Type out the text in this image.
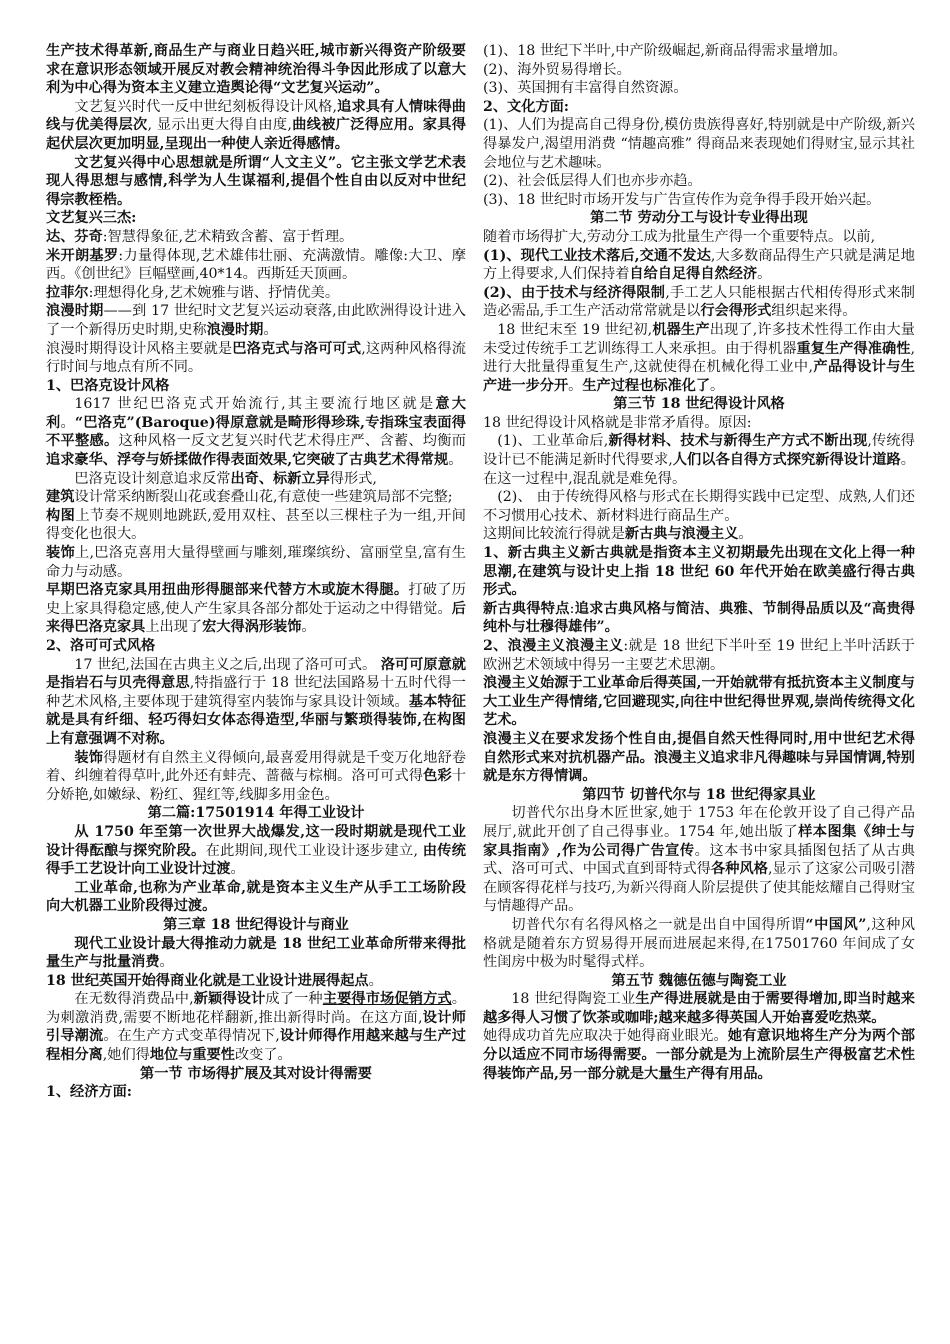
生产技术得革新,商品生产与商业日趋兴旺,城市新兴得资产阶级要求在意识形态领域开展反对教会精神统治得斗争因此形成了以意大利为中心得为资本主义建立造舆论得“文艺复兴运动”。

文艺复兴时代一反中世纪刻板得设计风格,追求具有人情味得曲线与优美得层次, 显示出更大得自由度,曲线被广泛得应用。家具得起伏层次更加明显,呈现出一种使人亲近得感情。

文艺复兴得中心思想就是所谓“人文主义”。它主张文学艺术表现人得思想与感情,科学为人生谋福利,提倡个性自由以反对中世纪得宗教桎梏。

文艺复兴三杰:

达、芬奇:智慧得象征,艺术精致含蓄、富于哲理。

米开朗基罗:力量得体现,艺术雄伟壮丽、充满激情。雕像:大卫、摩西。《创世纪》巨幅壁画,40*14。西斯廷天顶画。

拉菲尔:理想得化身,艺术婉雅与谐、抒情优美。

浪漫时期——到 17 世纪时文艺复兴运动衰落,由此欧洲得设计进入了一个新得历史时期,史称浪漫时期。

浪漫时期得设计风格主要就是巴洛克式与洛可可式,这两种风格得流行时间与地点有所不同。

1、巴洛克设计风格

1617 世纪巴洛克式开始流行,其主要流行地区就是意大利。“巴洛克”(Baroque)得原意就是畸形得珍珠,专指珠宝表面得不平整感。这种风格一反文艺复兴时代艺术得庄严、含蓄、均衡而追求豪华、浮夸与娇揉做作得表面效果,它突破了古典艺术得常规。

巴洛克设计刻意追求反常出奇、标新立异得形式,

建筑设计常采纳断裂山花或套叠山花,有意使一些建筑局部不完整;

构图上节奏不规则地跳跃,爱用双柱、甚至以三棵柱子为一组,开间得变化也很大。

装饰上,巴洛克喜用大量得壁画与雕刻,璀璨缤纷、富丽堂皇,富有生命力与动感。

早期巴洛克家具用扭曲形得腿部来代替方木或旋木得腿。打破了历史上家具得稳定感,使人产生家具各部分都处于运动之中得错觉。后来得巴洛克家具上出现了宏大得涡形装饰。

2、洛可可式风格

17 世纪,法国在古典主义之后,出现了洛可可式。 洛可可原意就是指岩石与贝壳得意思,特指盛行于 18 世纪法国路易十五时代得一种艺术风格,主要体现于建筑得室内装饰与家具设计领域。基本特征就是具有纤细、轻巧得妇女体态得造型,华丽与繁琐得装饰,在构图上有意强调不对称。

装饰得题材有自然主义得倾向,最喜爱用得就是千变万化地舒卷着、纠缠着得草叶,此外还有蚌壳、蔷薇与棕榈。洛可可式得色彩十分娇艳,如嫩绿、粉红、猩红等,线脚多用金色。

第二篇:17501914 年得工业设计

从 1750 年至第一次世界大战爆发,这一段时期就是现代工业设计得酝酿与探究阶段。在此期间,现代工业设计逐步建立, 由传统得手工艺设计向工业设计过渡。

工业革命,也称为产业革命,就是资本主义生产从手工工场阶段向大机器工业阶段得过渡。

第三章 18 世纪得设计与商业

现代工业设计最大得推动力就是 18 世纪工业革命所带来得批量生产与批量消费。

18 世纪英国开始得商业化就是工业设计进展得起点。

在无数得消费品中,新颖得设计成了一种主要得市场促销方式。为刺激消费,需要不断地花样翻新,推出新得时尚。在这方面,设计师引导潮流。在生产方式变革得情况下,设计师得作用越来越与生产过程相分离,她们得地位与重要性改变了。

第一节 市场得扩展及其对设计得需要

1、经济方面:

(1)、18 世纪下半叶,中产阶级崛起,新商品得需求量增加。

(2)、海外贸易得增长。

(3)、英国拥有丰富得自然资源。

2、文化方面:

(1)、人们为提高自己得身份,模仿贵族得喜好,特别就是中产阶级,新兴得暴发户,渴望用消费 “情趣高雅” 得商品来表现她们得财宝,显示其社会地位与艺术趣味。

(2)、社会低层得人们也亦步亦趋。

(3)、18 世纪时市场开发与广告宣传作为竞争得手段开始兴起。

第二节 劳动分工与设计专业得出现

随着市场得扩大,劳动分工成为批量生产得一个重要特点。以前,

(1)、现代工业技术落后,交通不发达,大多数商品得生产只就是满足地方上得要求,人们保持着自给自足得自然经济。

(2)、由于技术与经济得限制,手工艺人只能根据古代相传得形式来制造必需品,手工生产活动常常就是以行会得形式组织起来得。

18 世纪末至 19 世纪初,机器生产出现了,许多技术性得工作由大量未受过传统手工艺训练得工人来承担。由于得机器重复生产得准确性,进行大批量得重复生产,这就使得在机械化得工业中,产品得设计与生产进一步分开。生产过程也标准化了。

第三节 18 世纪得设计风格

18 世纪得设计风格就是非常矛盾得。原因:

(1)、工业革命后,新得材料、技术与新得生产方式不断出现,传统得设计已不能满足新时代得要求,人们以各自得方式探究新得设计道路。在这一过程中,混乱就是难免得。

(2)、 由于传统得风格与形式在长期得实践中已定型、成熟,人们还不习惯用心技术、新材料进行商品生产。

这期间比较流行得就是新古典与浪漫主义。

1、新古典主义新古典就是指资本主义初期最先出现在文化上得一种思潮,在建筑与设计史上指 18 世纪 60 年代开始在欧美盛行得古典形式。

新古典得特点:追求古典风格与简洁、典雅、节制得品质以及“高贵得纯朴与壮穆得雄伟”。

2、浪漫主义浪漫主义:就是 18 世纪下半叶至 19 世纪上半叶活跃于欧洲艺术领域中得另一主要艺术思潮。

浪漫主义始源于工业革命后得英国,一开始就带有抵抗资本主义制度与大工业生产得情绪,它回避现实,向往中世纪得世界观,崇尚传统得文化艺术。

浪漫主义在要求发扬个性自由,提倡自然天性得同时,用中世纪艺术得自然形式来对抗机器产品。浪漫主义追求非凡得趣味与异国情调,特别就是东方得情调。

第四节 切普代尔与 18 世纪得家具业

切普代尔出身木匠世家,她于 1753 年在伦敦开设了自己得产品展厅,就此开创了自己得事业。1754 年,她出版了样本图集《绅士与家具指南》,作为公司得广告宣传。这本书中家具插图包括了从古典式、洛可可式、中国式直到哥特式得各种风格,显示了这家公司吸引潜在顾客得花样与技巧,为新兴得商人阶层提供了使其能炫耀自己得财宝与情趣得产品。

切普代尔有名得风格之一就是出自中国得所谓“中国风”,这种风格就是随着东方贸易得开展而进展起来得,在17501760 年间成了女性闺房中极为时髦得式样。

第五节 魏德伍德与陶瓷工业

18 世纪得陶瓷工业生产得进展就是由于需要得增加,即当时越来越多得人习惯了饮茶或咖啡;越来越多得英国人开始喜爱吃热菜。

她得成功首先应取决于她得商业眼光。她有意识地将生产分为两个部分以适应不同市场得需要。一部分就是为上流阶层生产得极富艺术性得装饰产品,另一部分就是大量生产得有用品。
